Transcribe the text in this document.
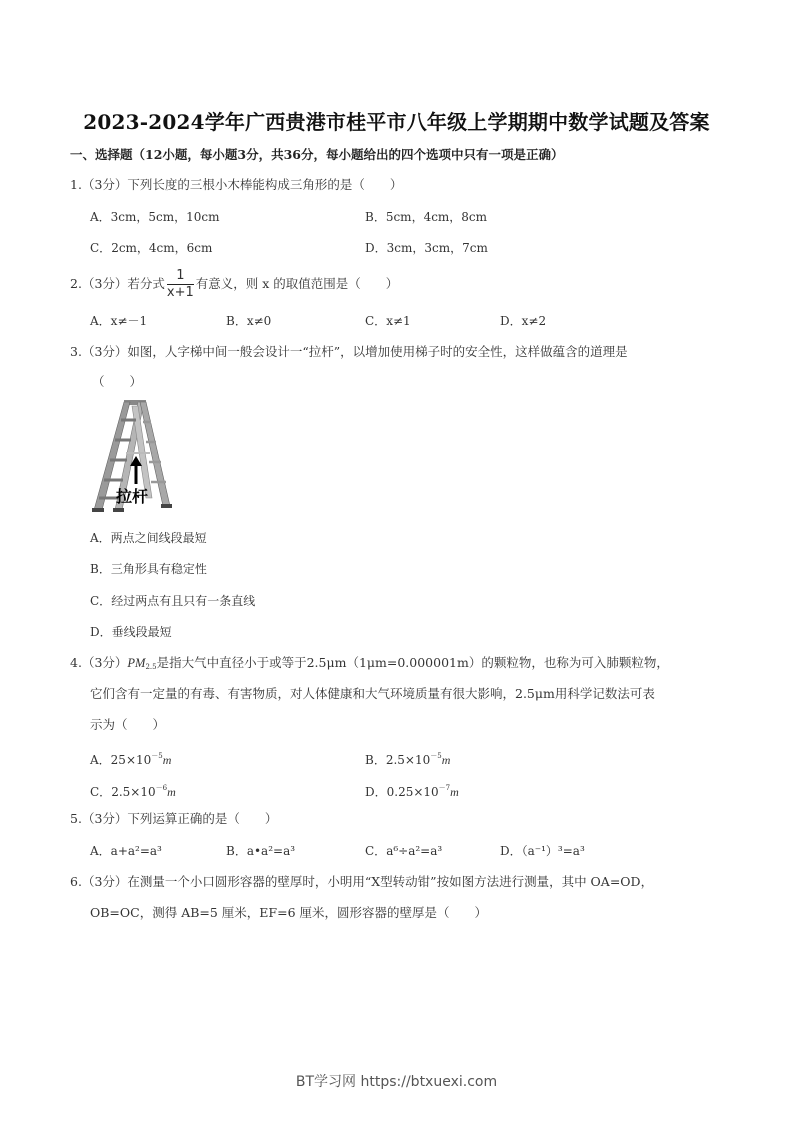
2023-2024学年广西贵港市桂平市八年级上学期期中数学试题及答案
一、选择题（12小题，每小题3分，共36分，每小题给出的四个选项中只有一项是正确）
1.（3分）下列长度的三根小木棒能构成三角形的是（　　）
A．3cm，5cm，10cm	B．5cm，4cm，8cm
C．2cm，4cm，6cm	D．3cm，3cm，7cm
2.（3分）若分式 $\frac{1}{x+1}$ 有意义，则 x 的取值范围是（　　）
A．x≠－1	B．x≠0	C．x≠1	D．x≠2
3.（3分）如图，人字梯中间一般会设计一“拉杆”，以增加使用梯子时的安全性，这样做蕴含的道理是
（　　）
拉杆
A．两点之间线段最短
B．三角形具有稳定性
C．经过两点有且只有一条直线
D．垂线段最短
4.（3分）$PM_{2.5}$是指大气中直径小于或等于2.5μm（1μm=0.000001m）的颗粒物，也称为可入肺颗粒物，
它们含有一定量的有毒、有害物质，对人体健康和大气环境质量有很大影响，2.5μm用科学记数法可表
示为（　　）
A．$25\times 10^{-5}m$	B．$2.5\times 10^{-5}m$
C．$2.5\times 10^{-6}m$	D．$0.25\times 10^{-7}m$
5.（3分）下列运算正确的是（　　）
A．a+a²=a³	B．a•a²=a³	C．a⁶÷a²=a³	D．（a⁻¹）³=a³
6.（3分）在测量一个小口圆形容器的壁厚时，小明用“X型转动钳”按如图方法进行测量，其中 OA=OD，
OB=OC，测得 AB=5 厘米，EF=6 厘米，圆形容器的壁厚是（　　）
BT学习网 https://btxuexi.com
